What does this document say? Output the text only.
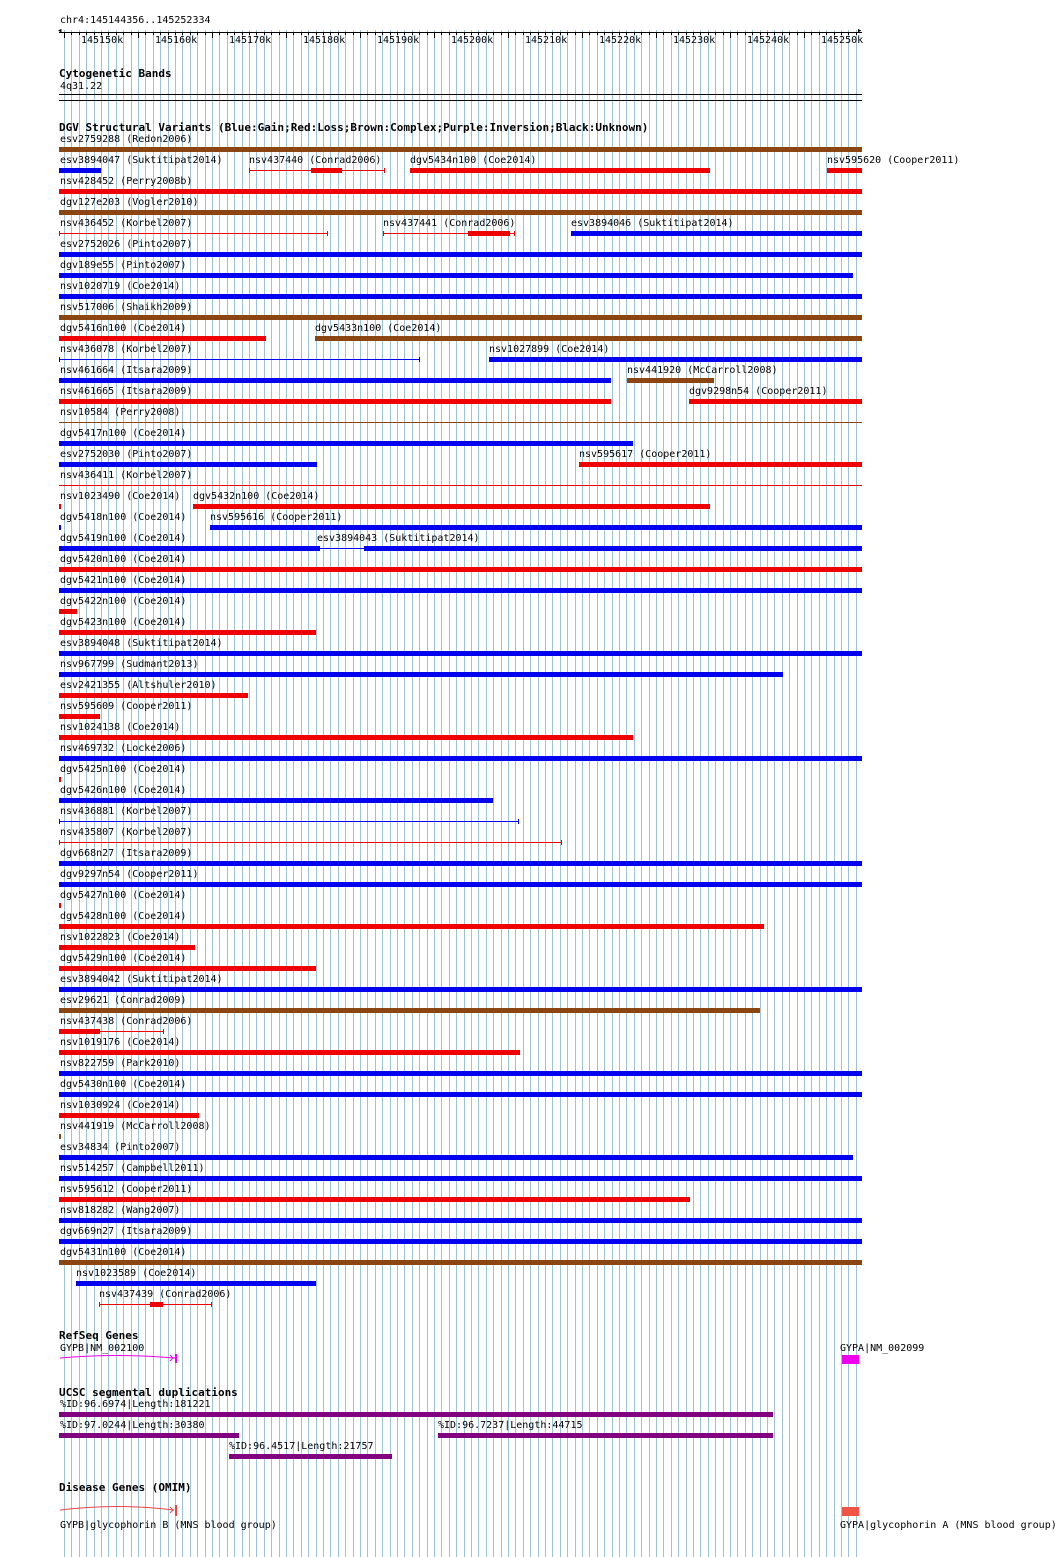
chr4:145144356..145252334
◂	▸
145150k	145160k	145170k	145180k	145190k	145200k	145210k	145220k	145230k	145240k	145250k
Cytogenetic Bands
4q31.22
DGV Structural Variants (Blue:Gain;Red:Loss;Brown:Complex;Purple:Inversion;Black:Unknown)
esv2759288 (Redon2006)
esv3894047 (Suktitipat2014)	nsv437440 (Conrad2006)	dgv5434n100 (Coe2014)	nsv595620 (Cooper2011)
nsv428452 (Perry2008b)
dgv127e203 (Vogler2010)
nsv436452 (Korbel2007)	nsv437441 (Conrad2006)	esv3894046 (Suktitipat2014)
esv2752026 (Pinto2007)
dgv189e55 (Pinto2007)
nsv1020719 (Coe2014)
nsv517006 (Shaikh2009)
dgv5416n100 (Coe2014)	dgv5433n100 (Coe2014)
nsv436078 (Korbel2007)	nsv1027899 (Coe2014)
nsv461664 (Itsara2009)	nsv441920 (McCarroll2008)
nsv461665 (Itsara2009)	dgv9298n54 (Cooper2011)
nsv10584 (Perry2008)
dgv5417n100 (Coe2014)
esv2752030 (Pinto2007)	nsv595617 (Cooper2011)
nsv436411 (Korbel2007)
nsv1023490 (Coe2014) dgv5432n100 (Coe2014)
dgv5418n100 (Coe2014) nsv595616 (Cooper2011)
dgv5419n100 (Coe2014)	esv3894043 (Suktitipat2014)
dgv5420n100 (Coe2014)
dgv5421n100 (Coe2014)
dgv5422n100 (Coe2014)
dgv5423n100 (Coe2014)
esv3894048 (Suktitipat2014)
nsv967799 (Sudmant2013)
esv2421355 (Altshuler2010)
nsv595609 (Cooper2011)
nsv1024138 (Coe2014)
nsv469732 (Locke2006)
dgv5425n100 (Coe2014)
dgv5426n100 (Coe2014)
nsv436881 (Korbel2007)
nsv435807 (Korbel2007)
dgv668n27 (Itsara2009)
dgv9297n54 (Cooper2011)
dgv5427n100 (Coe2014)
dgv5428n100 (Coe2014)
nsv1022823 (Coe2014)
dgv5429n100 (Coe2014)
esv3894042 (Suktitipat2014)
esv29621 (Conrad2009)
nsv437438 (Conrad2006)
nsv1019176 (Coe2014)
nsv822759 (Park2010)
dgv5430n100 (Coe2014)
nsv1030924 (Coe2014)
nsv441919 (McCarroll2008)
esv34834 (Pinto2007)
nsv514257 (Campbell2011)
nsv595612 (Cooper2011)
nsv818282 (Wang2007)
dgv669n27 (Itsara2009)
dgv5431n100 (Coe2014)
nsv1023589 (Coe2014)
nsv437439 (Conrad2006)
RefSeq Genes
GYPB|NM_002100	GYPA|NM_002099
UCSC segmental duplications
%ID:96.6974|Length:181221
%ID:97.0244|Length:30380	%ID:96.7237|Length:44715
%ID:96.4517|Length:21757
Disease Genes (OMIM)
GYPB|glycophorin B (MNS blood group)	GYPA|glycophorin A (MNS blood group)
